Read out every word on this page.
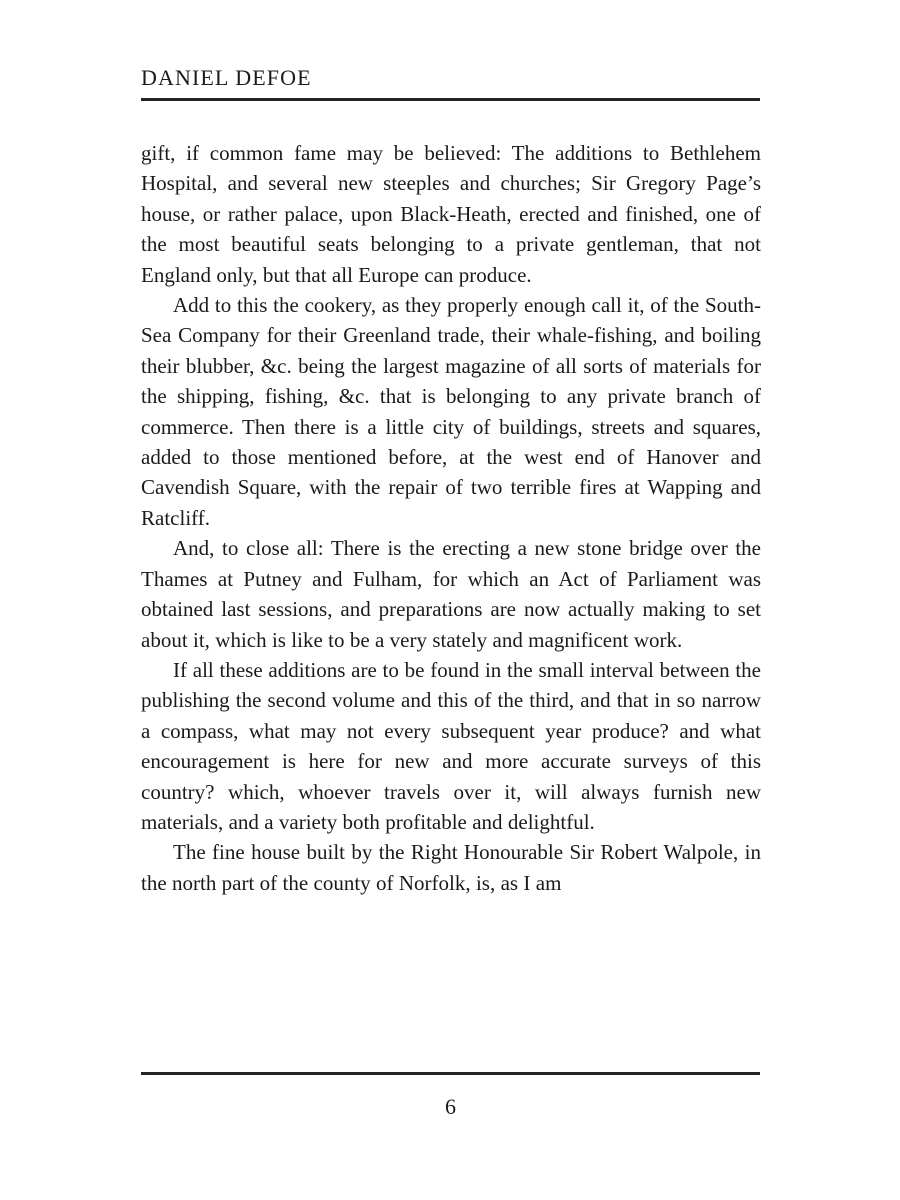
DANIEL DEFOE

gift, if common fame may be believed: The additions to Bethlehem Hospital, and several new steeples and churches; Sir Gregory Page’s house, or rather palace, upon Black-Heath, erected and finished, one of the most beautiful seats belonging to a private gentleman, that not England only, but that all Europe can produce.

Add to this the cookery, as they properly enough call it, of the South-Sea Company for their Greenland trade, their whale-fishing, and boiling their blubber, &c. being the largest magazine of all sorts of materials for the shipping, fishing, &c. that is belonging to any private branch of commerce. Then there is a little city of buildings, streets and squares, added to those mentioned before, at the west end of Hanover and Cavendish Square, with the repair of two terrible fires at Wapping and Ratcliff.

And, to close all: There is the erecting a new stone bridge over the Thames at Putney and Fulham, for which an Act of Parliament was obtained last sessions, and preparations are now actually making to set about it, which is like to be a very stately and magnificent work.

If all these additions are to be found in the small interval between the publishing the second volume and this of the third, and that in so narrow a compass, what may not every subsequent year produce? and what encouragement is here for new and more accurate surveys of this country? which, whoever travels over it, will always furnish new materials, and a variety both profitable and delightful.

The fine house built by the Right Honourable Sir Robert Walpole, in the north part of the county of Norfolk, is, as I am

6
